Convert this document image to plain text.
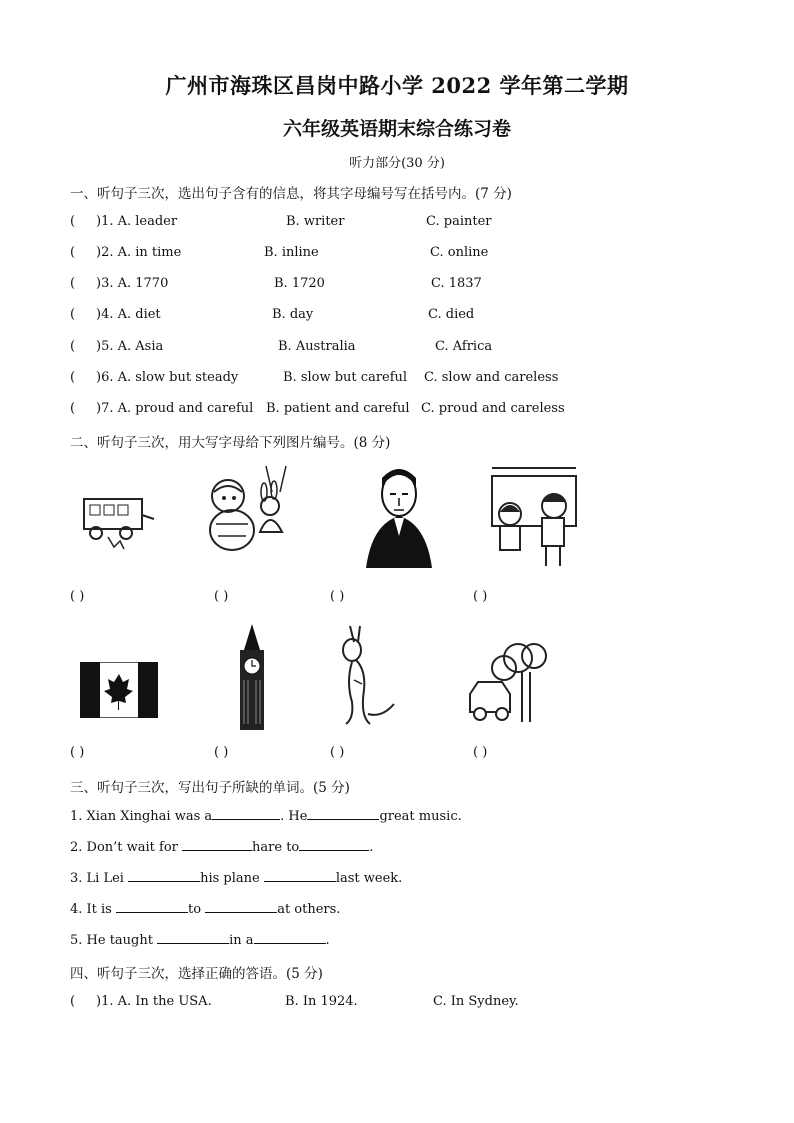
广州市海珠区昌岗中路小学 2022 学年第二学期
六年级英语期末综合练习卷
听力部分(30 分)
一、听句子三次，选出句子含有的信息，将其字母编号写在括号内。(7 分)
( )1. A. leader	B. writer	C. painter
( )2. A. in time	B. inline	C. online
( )3. A. 1770	B. 1720	C. 1837
( )4. A. diet	B. day	C. died
( )5. A. Asia	B. Australia	C. Africa
( )6. A. slow but steady	B. slow but careful C. slow and careless
( )7. A. proud and careful B. patient and careful C. proud and careless
二、听句子三次，用大写字母给下列图片编号。(8 分)
( )	( )	( )	( )
( )	( )	( )	( )
三、听句子三次，写出句子所缺的单词。(5 分)
1. Xian Xinghai was a	. He	great music.
2. Don’t wait for	hare to	.
3. Li Lei	his plane	last week.
4. It is	to	at others.
5. He taught	in a	.
四、听句子三次，选择正确的答语。(5 分)
( )1. A. In the USA.	B. In 1924.	C. In Sydney.
